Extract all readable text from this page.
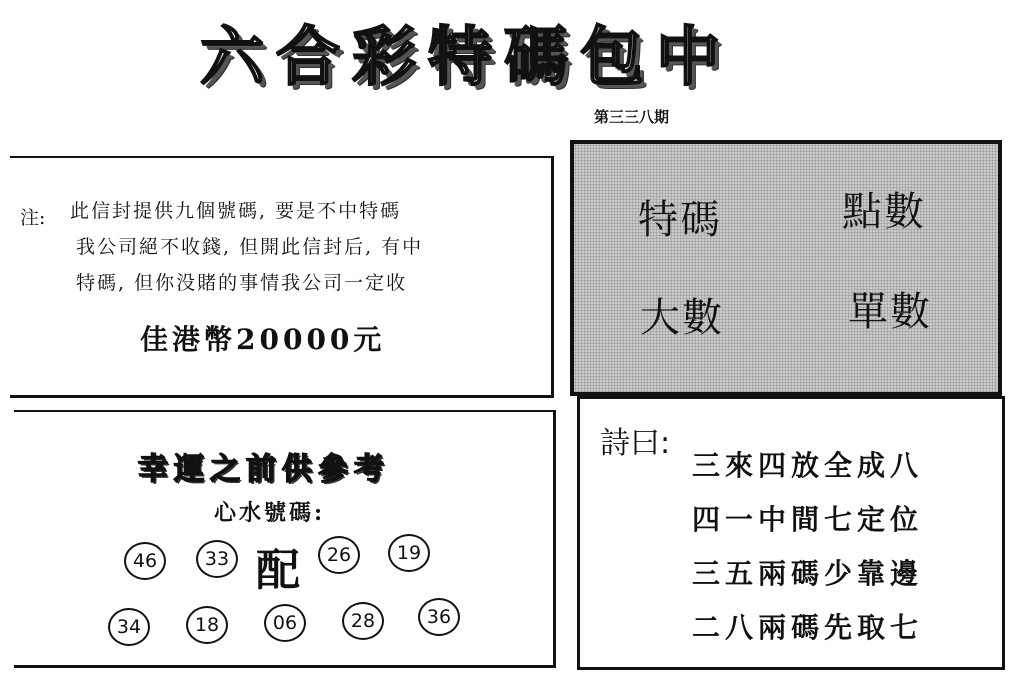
六合彩特碼包中
第三三八期
注: 此信封提供九個號碼, 要是不中特碼
我公司絕不收錢, 但開此信封后, 有中
特碼, 但你没賭的事情我公司一定收
佳港幣20000元
特碼	點數
大數	單數
幸運之前供參考
心水號碼:
46	33 配	26	19
34	18	06	28	36
詩曰:
三來四放全成八
四一中間七定位
三五兩碼少靠邊
二八兩碼先取七
